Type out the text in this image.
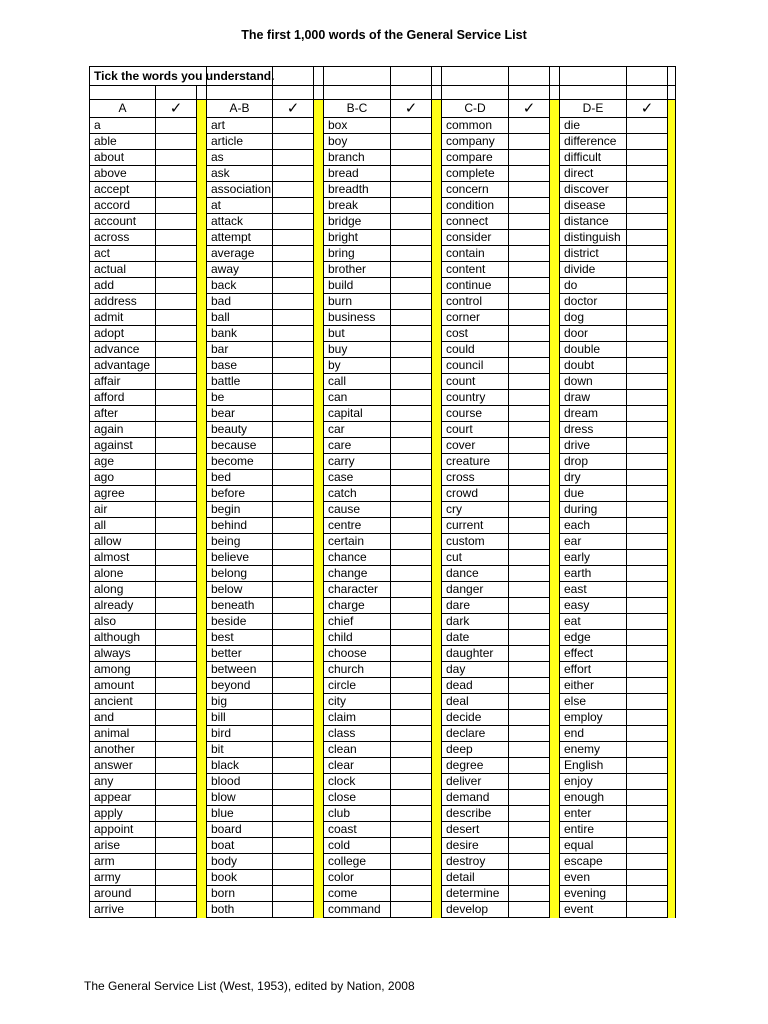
The first 1,000 words of the General Service List
Tick the words you understand.														

A	✓		A-B	✓		B-C	✓		C-D	✓		D-E	✓	
a			art			box			common			die		
able			article			boy			company			difference		
about			as			branch			compare			difficult		
above			ask			bread			complete			direct		
accept			association			breadth			concern			discover		
accord			at			break			condition			disease		
account			attack			bridge			connect			distance		
across			attempt			bright			consider			distinguish		
act			average			bring			contain			district		
actual			away			brother			content			divide		
add			back			build			continue			do		
address			bad			burn			control			doctor		
admit			ball			business			corner			dog		
adopt			bank			but			cost			door		
advance			bar			buy			could			double		
advantage			base			by			council			doubt		
affair			battle			call			count			down		
afford			be			can			country			draw		
after			bear			capital			course			dream		
again			beauty			car			court			dress		
against			because			care			cover			drive		
age			become			carry			creature			drop		
ago			bed			case			cross			dry		
agree			before			catch			crowd			due		
air			begin			cause			cry			during		
all			behind			centre			current			each		
allow			being			certain			custom			ear		
almost			believe			chance			cut			early		
alone			belong			change			dance			earth		
along			below			character			danger			east		
already			beneath			charge			dare			easy		
also			beside			chief			dark			eat		
although			best			child			date			edge		
always			better			choose			daughter			effect		
among			between			church			day			effort		
amount			beyond			circle			dead			either		
ancient			big			city			deal			else		
and			bill			claim			decide			employ		
animal			bird			class			declare			end		
another			bit			clean			deep			enemy		
answer			black			clear			degree			English		
any			blood			clock			deliver			enjoy		
appear			blow			close			demand			enough		
apply			blue			club			describe			enter		
appoint			board			coast			desert			entire		
arise			boat			cold			desire			equal		
arm			body			college			destroy			escape		
army			book			color			detail			even		
around			born			come			determine			evening		
arrive			both			command			develop			event		
The General Service List (West, 1953), edited by Nation, 2008
